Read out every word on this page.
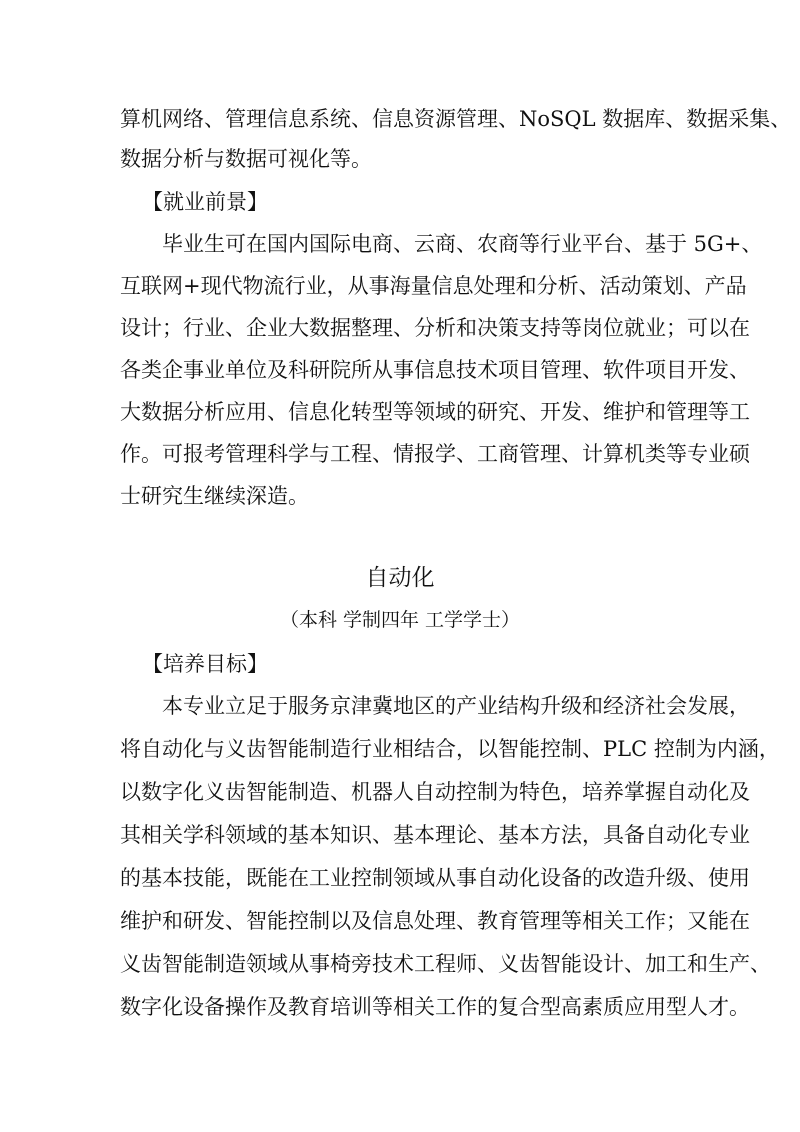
算机网络、管理信息系统、信息资源管理、NoSQL 数据库、数据采集、
数据分析与数据可视化等。
【就业前景】
毕业生可在国内国际电商、云商、农商等行业平台、基于 5G+、
互联网+现代物流行业，从事海量信息处理和分析、活动策划、产品
设计；行业、企业大数据整理、分析和决策支持等岗位就业；可以在
各类企事业单位及科研院所从事信息技术项目管理、软件项目开发、
大数据分析应用、信息化转型等领域的研究、开发、维护和管理等工
作。可报考管理科学与工程、情报学、工商管理、计算机类等专业硕
士研究生继续深造。
自动化
（本科 学制四年 工学学士）
【培养目标】
本专业立足于服务京津冀地区的产业结构升级和经济社会发展，
将自动化与义齿智能制造行业相结合，以智能控制、PLC 控制为内涵，
以数字化义齿智能制造、机器人自动控制为特色，培养掌握自动化及
其相关学科领域的基本知识、基本理论、基本方法，具备自动化专业
的基本技能，既能在工业控制领域从事自动化设备的改造升级、使用
维护和研发、智能控制以及信息处理、教育管理等相关工作；又能在
义齿智能制造领域从事椅旁技术工程师、义齿智能设计、加工和生产、
数字化设备操作及教育培训等相关工作的复合型高素质应用型人才。
